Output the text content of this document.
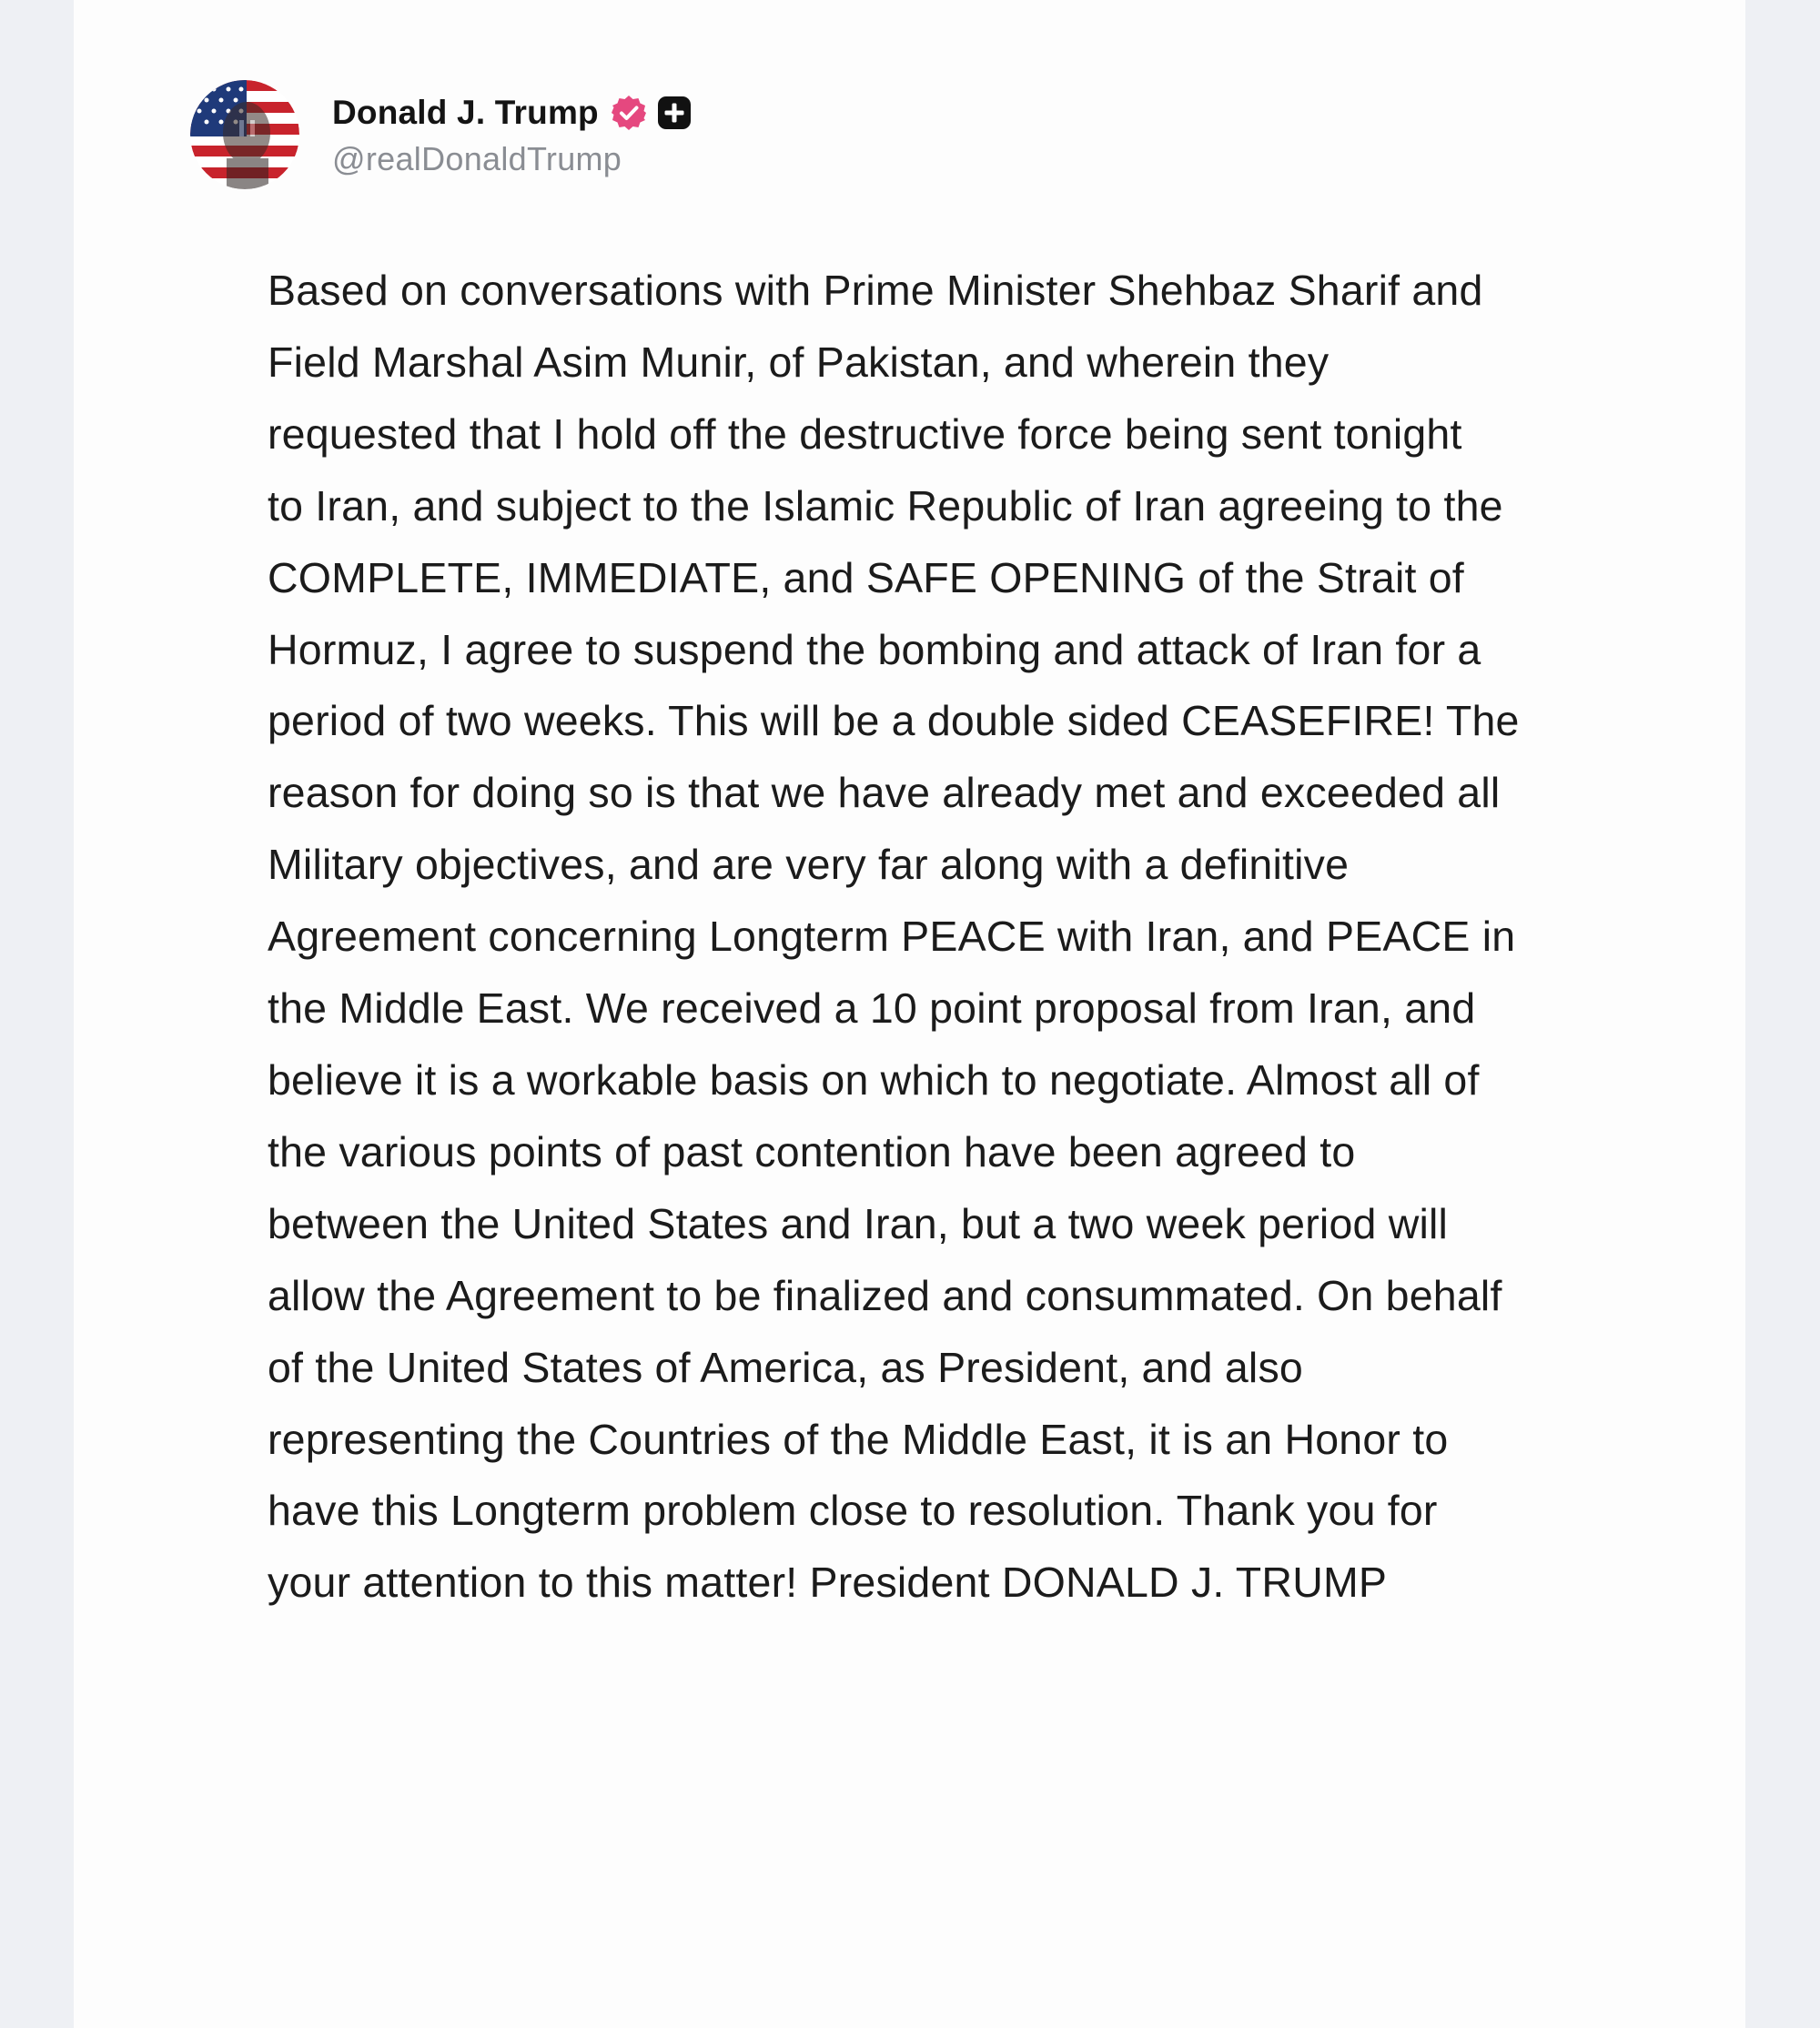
Donald J. Trump
@realDonaldTrump
Based on conversations with Prime Minister Shehbaz Sharif and
Field Marshal Asim Munir, of Pakistan, and wherein they
requested that I hold off the destructive force being sent tonight
to Iran, and subject to the Islamic Republic of Iran agreeing to the
COMPLETE, IMMEDIATE, and SAFE OPENING of the Strait of
Hormuz, I agree to suspend the bombing and attack of Iran for a
period of two weeks. This will be a double sided CEASEFIRE! The
reason for doing so is that we have already met and exceeded all
Military objectives, and are very far along with a definitive
Agreement concerning Longterm PEACE with Iran, and PEACE in
the Middle East. We received a 10 point proposal from Iran, and
believe it is a workable basis on which to negotiate. Almost all of
the various points of past contention have been agreed to
between the United States and Iran, but a two week period will
allow the Agreement to be finalized and consummated. On behalf
of the United States of America, as President, and also
representing the Countries of the Middle East, it is an Honor to
have this Longterm problem close to resolution. Thank you for
your attention to this matter! President DONALD J. TRUMP
